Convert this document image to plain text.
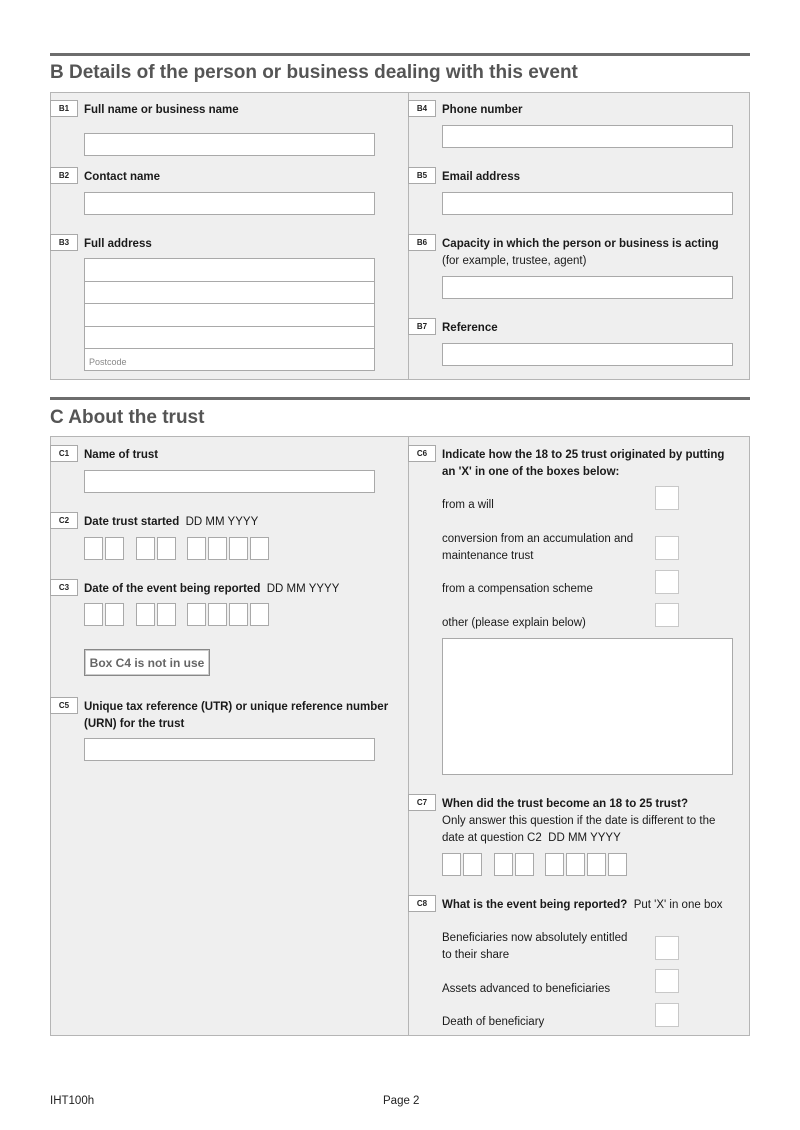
B Details of the person or business dealing with this event
B1	Full name or business name
B2	Contact name
B3	Full address
Postcode
B4	Phone number
B5	Email address
B6	Capacity in which the person or business is acting
(for example, trustee, agent)
B7	Reference
C About the trust
C1	Name of trust
C2	Date trust started DD MM YYYY
C3	Date of the event being reported DD MM YYYY
Box C4 is not in use
C5	Unique tax reference (UTR) or unique reference number
(URN) for the trust
C6	Indicate how the 18 to 25 trust originated by putting
an 'X' in one of the boxes below:
from a will
conversion from an accumulation and
maintenance trust
from a compensation scheme
other (please explain below)
C7	When did the trust become an 18 to 25 trust?
Only answer this question if the date is different to the
date at question C2 DD MM YYYY
C8	What is the event being reported? Put 'X' in one box
Beneficiaries now absolutely entitled
to their share
Assets advanced to beneficiaries
Death of beneficiary
IHT100h	Page 2
